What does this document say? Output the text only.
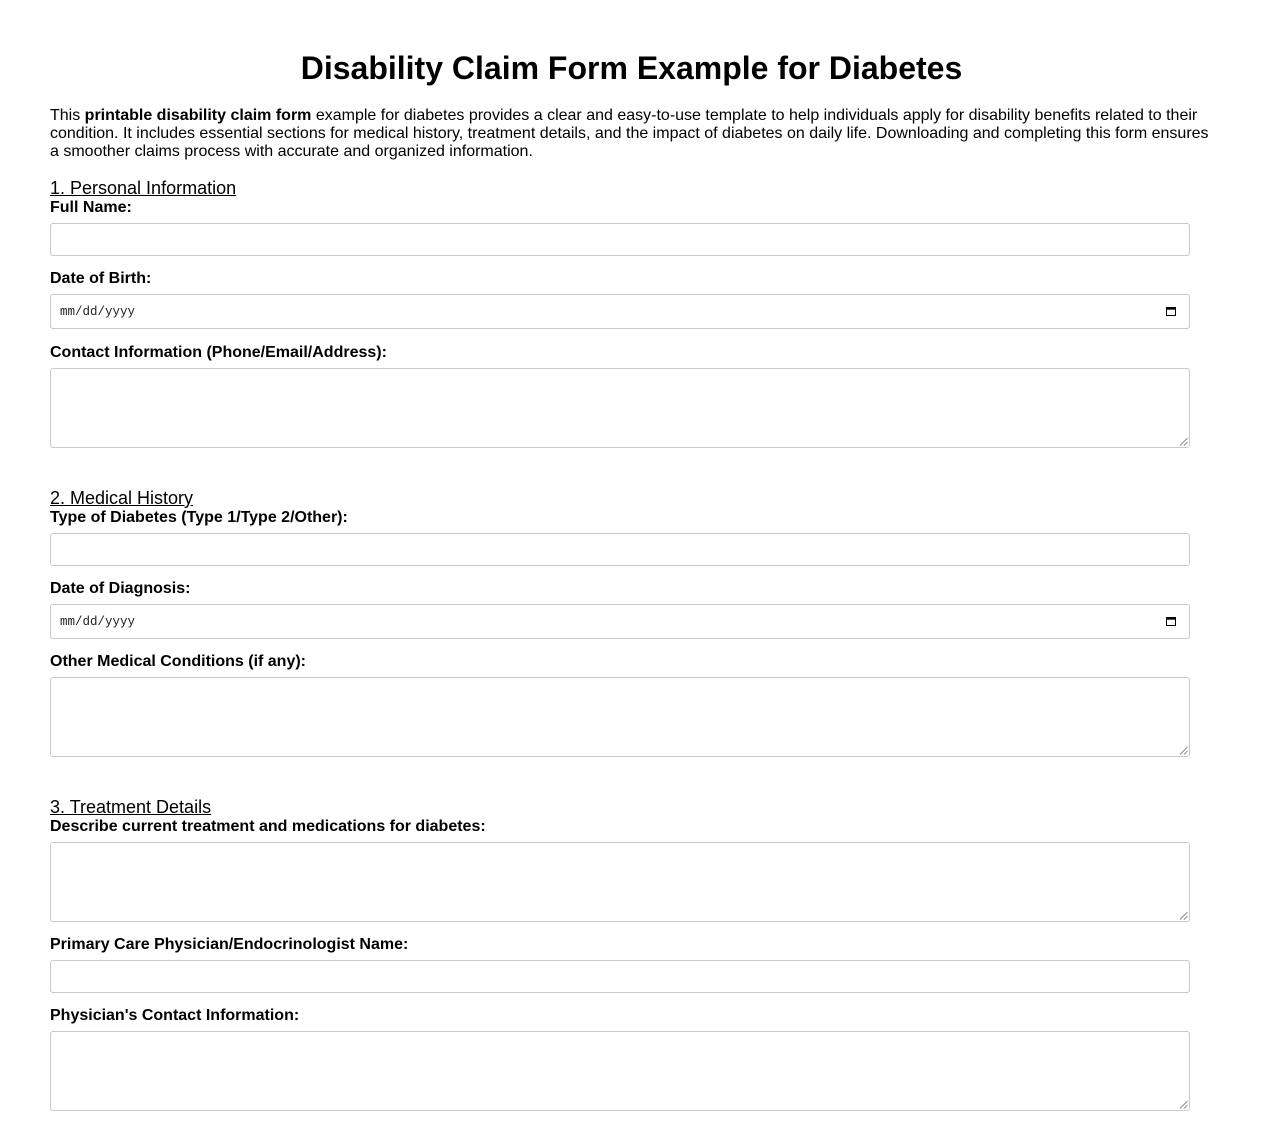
Disability Claim Form Example for Diabetes

This printable disability claim form example for diabetes provides a clear and easy-to-use template to help individuals apply for disability benefits related to their condition. It includes essential sections for medical history, treatment details, and the impact of diabetes on daily life. Downloading and completing this form ensures a smoother claims process with accurate and organized information.

1. Personal Information
Full Name:
Date of Birth:
mm/dd/yyyy
Contact Information (Phone/Email/Address):
2. Medical History
Type of Diabetes (Type 1/Type 2/Other):
Date of Diagnosis:
mm/dd/yyyy
Other Medical Conditions (if any):
3. Treatment Details
Describe current treatment and medications for diabetes:
Primary Care Physician/Endocrinologist Name:
Physician's Contact Information:
